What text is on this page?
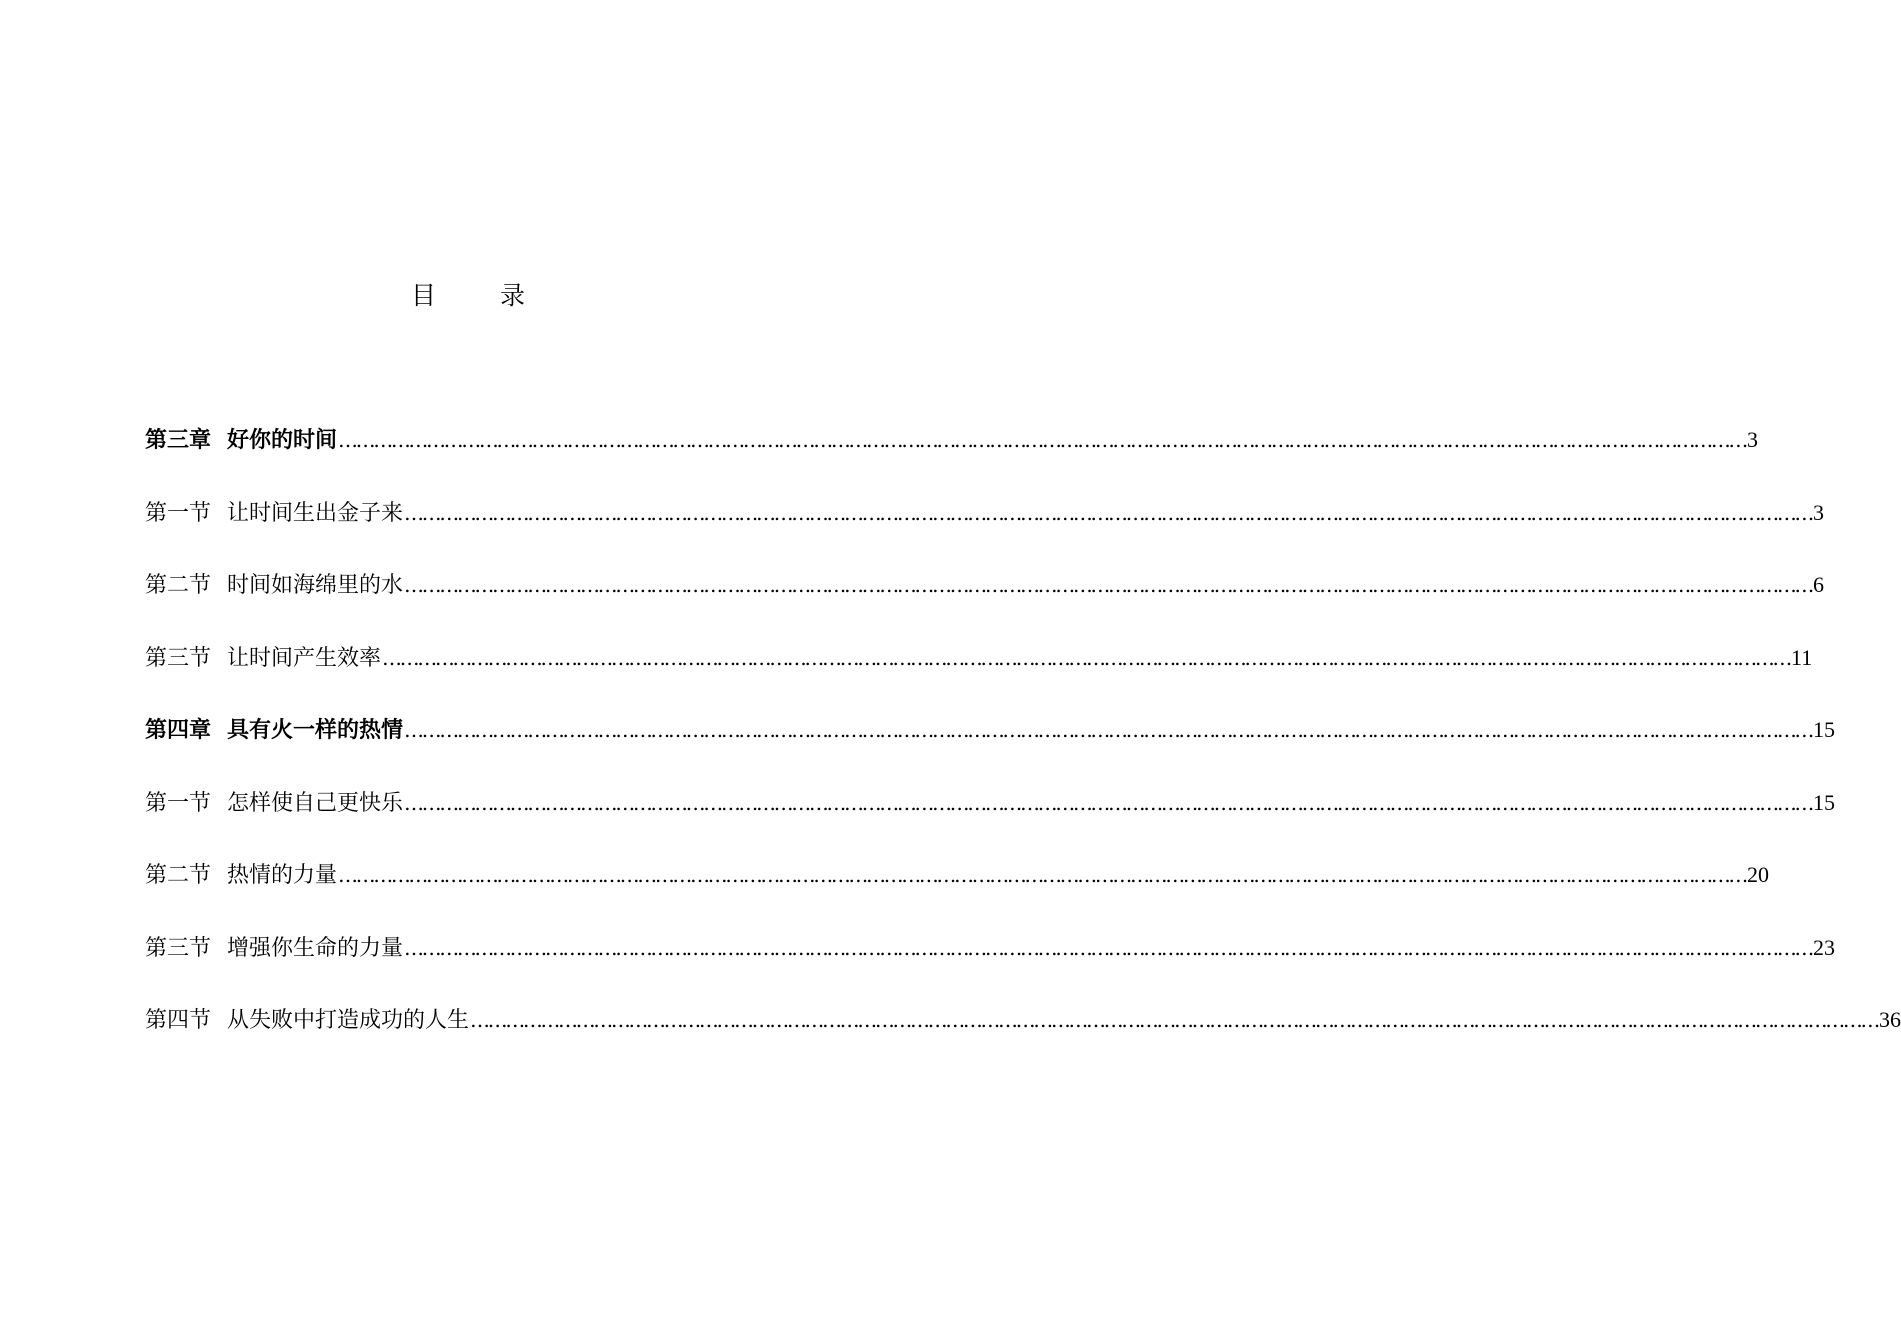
目 录
第三章 好你的时间 …………………………………………………………………………………………………………………………………………………………………………………………………………………… 3
第一节 让时间生出金子来 …………………………………………………………………………………………………………………………………………………………………………………………………………………… 3
第二节 时间如海绵里的水 …………………………………………………………………………………………………………………………………………………………………………………………………………………… 6
第三节 让时间产生效率 …………………………………………………………………………………………………………………………………………………………………………………………………………………… 11
第四章 具有火一样的热情 …………………………………………………………………………………………………………………………………………………………………………………………………………………… 15
第一节 怎样使自己更快乐 …………………………………………………………………………………………………………………………………………………………………………………………………………………… 15
第二节 热情的力量 …………………………………………………………………………………………………………………………………………………………………………………………………………………… 20
第三节 增强你生命的力量 …………………………………………………………………………………………………………………………………………………………………………………………………………………… 23
第四节 从失败中打造成功的人生 …………………………………………………………………………………………………………………………………………………………………………………………………………………… 36
